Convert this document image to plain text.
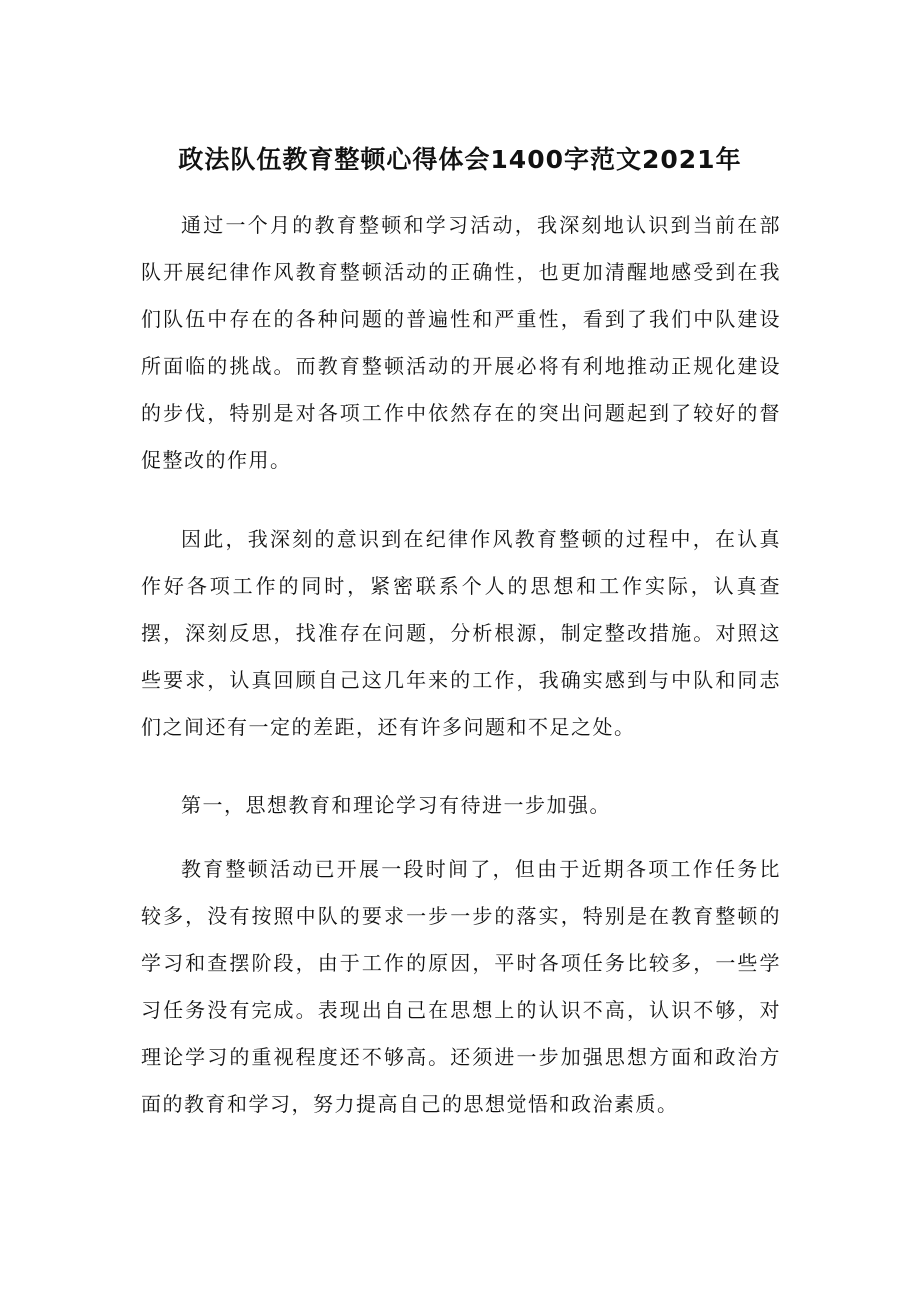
政法队伍教育整顿心得体会1400字范文2021年

通过一个月的教育整顿和学习活动，我深刻地认识到当前在部队开展纪律作风教育整顿活动的正确性，也更加清醒地感受到在我们队伍中存在的各种问题的普遍性和严重性，看到了我们中队建设所面临的挑战。而教育整顿活动的开展必将有利地推动正规化建设的步伐，特别是对各项工作中依然存在的突出问题起到了较好的督促整改的作用。

因此，我深刻的意识到在纪律作风教育整顿的过程中，在认真作好各项工作的同时，紧密联系个人的思想和工作实际，认真查摆，深刻反思，找准存在问题，分析根源，制定整改措施。对照这些要求，认真回顾自己这几年来的工作，我确实感到与中队和同志们之间还有一定的差距，还有许多问题和不足之处。

第一，思想教育和理论学习有待进一步加强。

教育整顿活动已开展一段时间了，但由于近期各项工作任务比较多，没有按照中队的要求一步一步的落实，特别是在教育整顿的学习和查摆阶段，由于工作的原因，平时各项任务比较多，一些学习任务没有完成。表现出自己在思想上的认识不高，认识不够，对理论学习的重视程度还不够高。还须进一步加强思想方面和政治方面的教育和学习，努力提高自己的思想觉悟和政治素质。
